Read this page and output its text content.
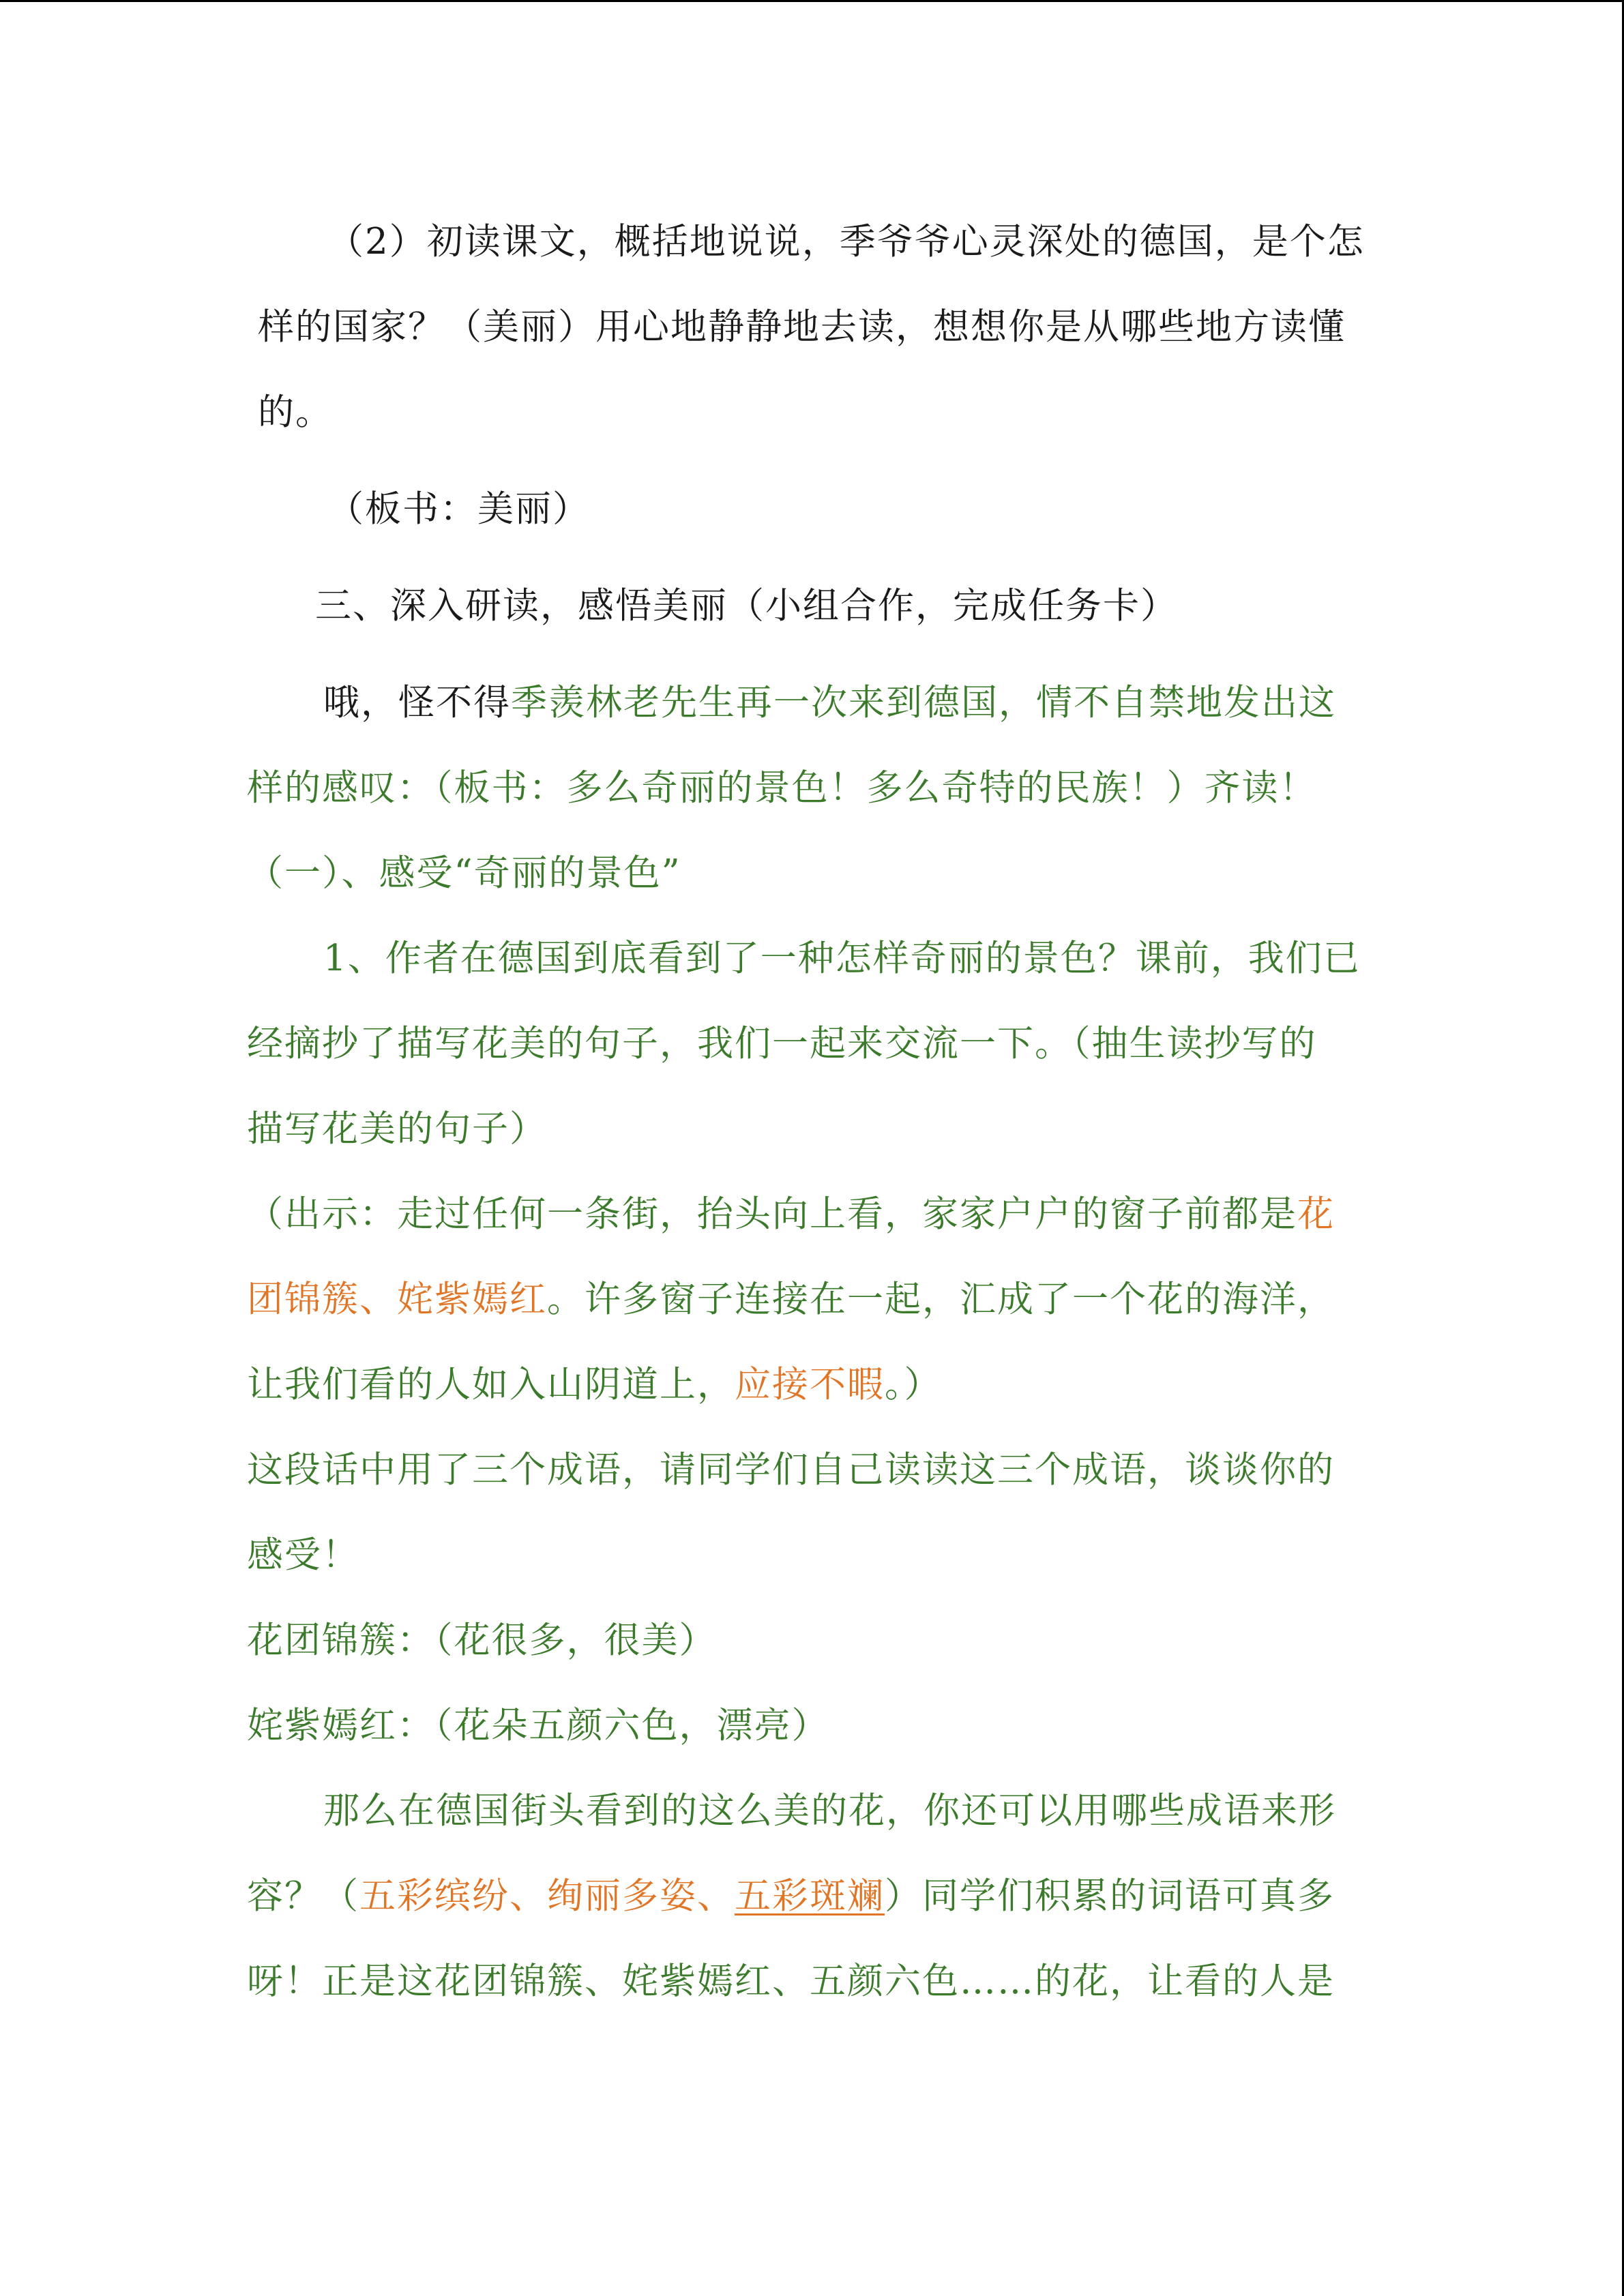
（2）初读课文，概括地说说，季爷爷心灵深处的德国，是个怎
样的国家？（美丽）用心地静静地去读，想想你是从哪些地方读懂
的。
（板书：美丽）
三、深入研读，感悟美丽（小组合作，完成任务卡）
哦，怪不得季羡林老先生再一次来到德国，情不自禁地发出这
样的感叹：（板书：多么奇丽的景色！多么奇特的民族！）齐读！
（一）、感受“奇丽的景色”
1、作者在德国到底看到了一种怎样奇丽的景色？课前，我们已
经摘抄了描写花美的句子，我们一起来交流一下。（抽生读抄写的
描写花美的句子）
（出示：走过任何一条街，抬头向上看，家家户户的窗子前都是花
团锦簇、姹紫嫣红。许多窗子连接在一起，汇成了一个花的海洋，
让我们看的人如入山阴道上，应接不暇。）
这段话中用了三个成语，请同学们自己读读这三个成语，谈谈你的
感受！
花团锦簇：（花很多，很美）
姹紫嫣红：（花朵五颜六色，漂亮）
那么在德国街头看到的这么美的花，你还可以用哪些成语来形
容？（五彩缤纷、绚丽多姿、五彩斑斓）同学们积累的词语可真多
呀！正是这花团锦簇、姹紫嫣红、五颜六色……的花，让看的人是
